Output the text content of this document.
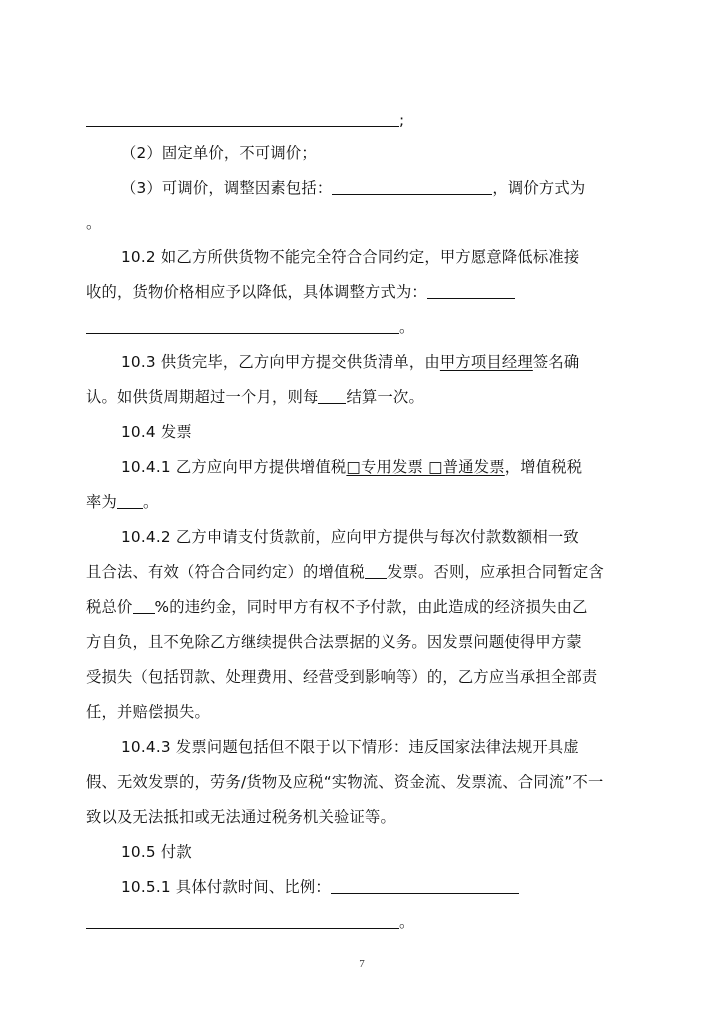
;
（2）固定单价，不可调价；
（3）可调价，调整因素包括：	，调价方式为
。
10.2 如乙方所供货物不能完全符合合同约定，甲方愿意降低标准接
收的，货物价格相应予以降低，具体调整方式为：
。
10.3 供货完毕，乙方向甲方提交供货清单，由甲方项目经理签名确
认。如供货周期超过一个月，则每 结算一次。
10.4 发票
10.4.1 乙方应向甲方提供增值税□专用发票 □普通发票，增值税税
率为 。
10.4.2 乙方申请支付货款前，应向甲方提供与每次付款数额相一致
且合法、有效（符合合同约定）的增值税 发票。否则，应承担合同暂定含
税总价 %的违约金，同时甲方有权不予付款，由此造成的经济损失由乙
方自负，且不免除乙方继续提供合法票据的义务。因发票问题使得甲方蒙
受损失（包括罚款、处理费用、经营受到影响等）的，乙方应当承担全部责
任，并赔偿损失。
10.4.3 发票问题包括但不限于以下情形：违反国家法律法规开具虚
假、无效发票的，劳务/货物及应税“实物流、资金流、发票流、合同流”不一
致以及无法抵扣或无法通过税务机关验证等。
10.5 付款
10.5.1 具体付款时间、比例：
。
7
